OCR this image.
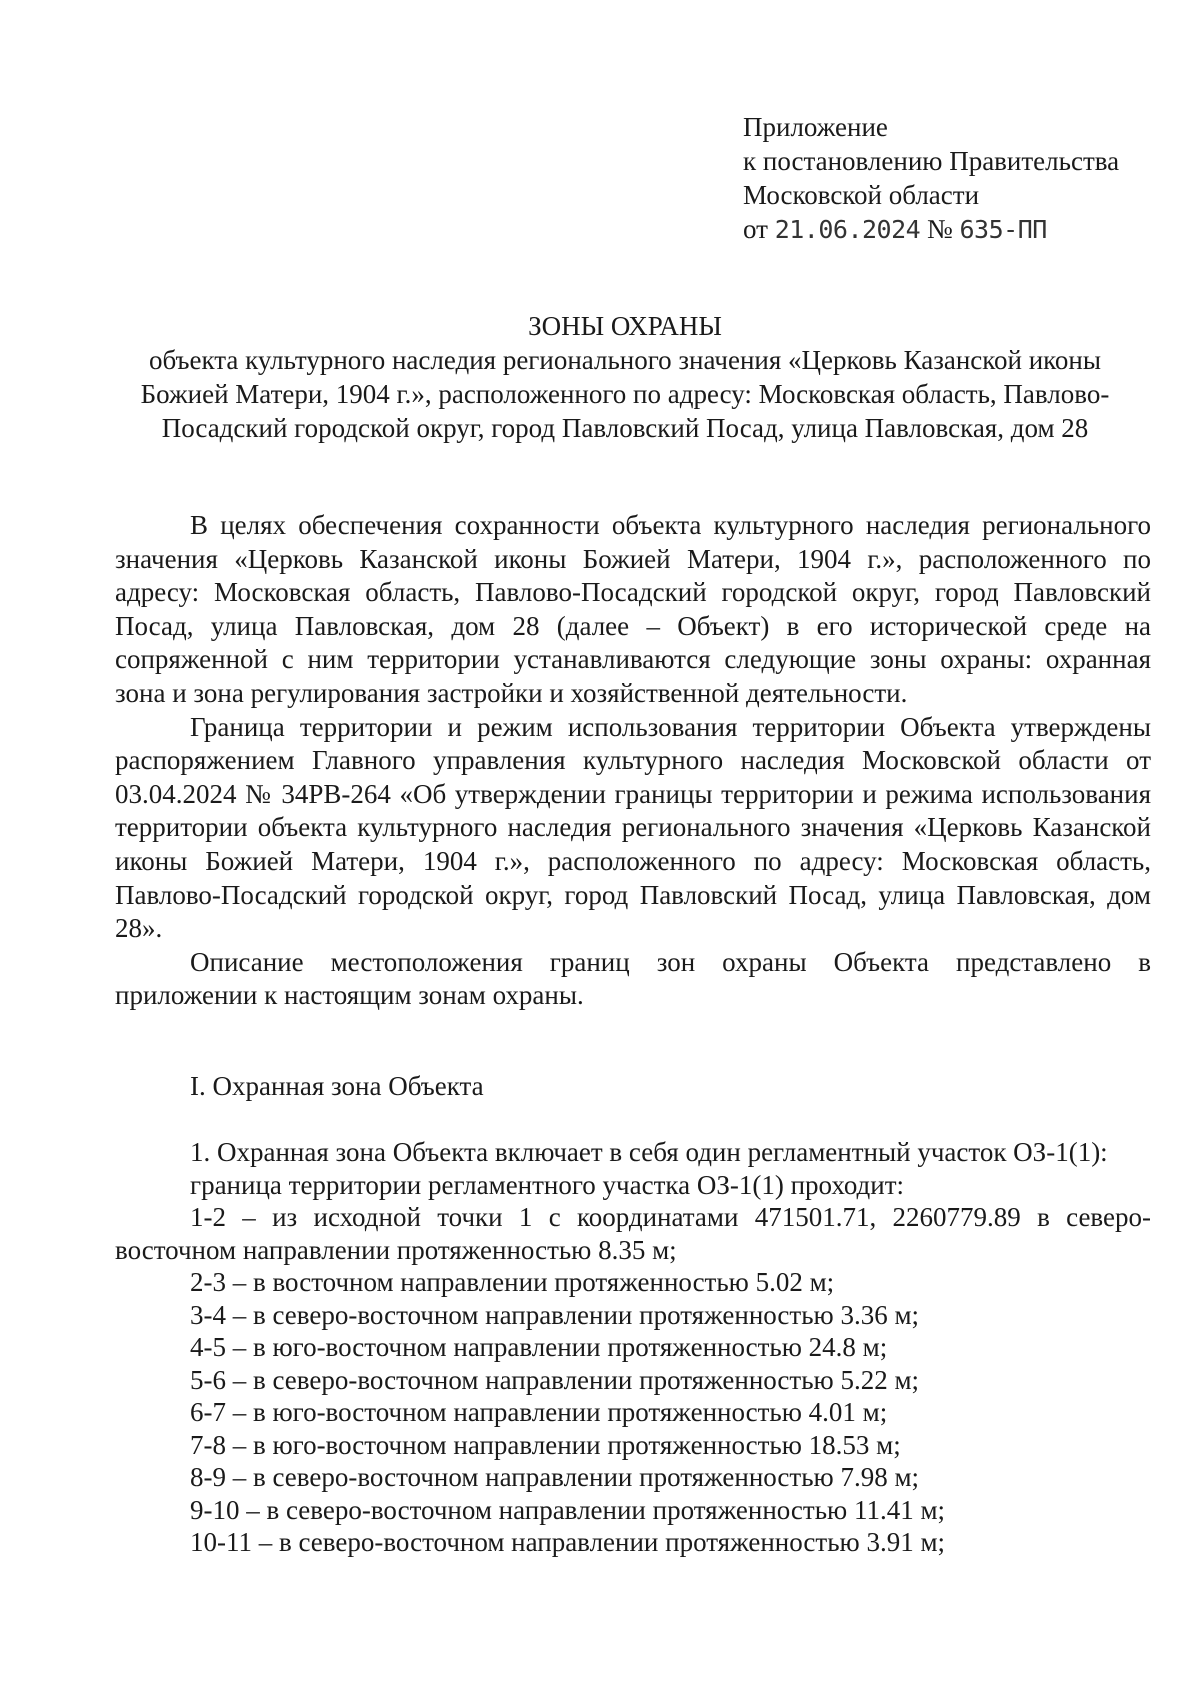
Приложение
к постановлению Правительства
Московской области
от 21.06.2024 № 635-ПП
ЗОНЫ ОХРАНЫ
объекта культурного наследия регионального значения «Церковь Казанской иконы Божией Матери, 1904 г.», расположенного по адресу: Московская область, Павлово-Посадский городской округ, город Павловский Посад, улица Павловская, дом 28

В целях обеспечения сохранности объекта культурного наследия регионального значения «Церковь Казанской иконы Божией Матери, 1904 г.», расположенного по адресу: Московская область, Павлово-Посадский городской округ, город Павловский Посад, улица Павловская, дом 28 (далее – Объект) в его исторической среде на сопряженной с ним территории устанавливаются следующие зоны охраны: охранная зона и зона регулирования застройки и хозяйственной деятельности.

Граница территории и режим использования территории Объекта утверждены распоряжением Главного управления культурного наследия Московской области от 03.04.2024 № 34РВ-264 «Об утверждении границы территории и режима использования территории объекта культурного наследия регионального значения «Церковь Казанской иконы Божией Матери, 1904 г.», расположенного по адресу: Московская область, Павлово-Посадский городской округ, город Павловский Посад, улица Павловская, дом 28».

Описание местоположения границ зон охраны Объекта представлено в приложении к настоящим зонам охраны.

I. Охранная зона Объекта

1. Охранная зона Объекта включает в себя один регламентный участок ОЗ-1(1):

граница территории регламентного участка ОЗ-1(1) проходит:

1-2 – из исходной точки 1 с координатами 471501.71, 2260779.89 в северо-восточном направлении протяженностью 8.35 м;

2-3 – в восточном направлении протяженностью 5.02 м;
3-4 – в северо-восточном направлении протяженностью 3.36 м;
4-5 – в юго-восточном направлении протяженностью 24.8 м;
5-6 – в северо-восточном направлении протяженностью 5.22 м;
6-7 – в юго-восточном направлении протяженностью 4.01 м;
7-8 – в юго-восточном направлении протяженностью 18.53 м;
8-9 – в северо-восточном направлении протяженностью 7.98 м;
9-10 – в северо-восточном направлении протяженностью 11.41 м;
10-11 – в северо-восточном направлении протяженностью 3.91 м;
